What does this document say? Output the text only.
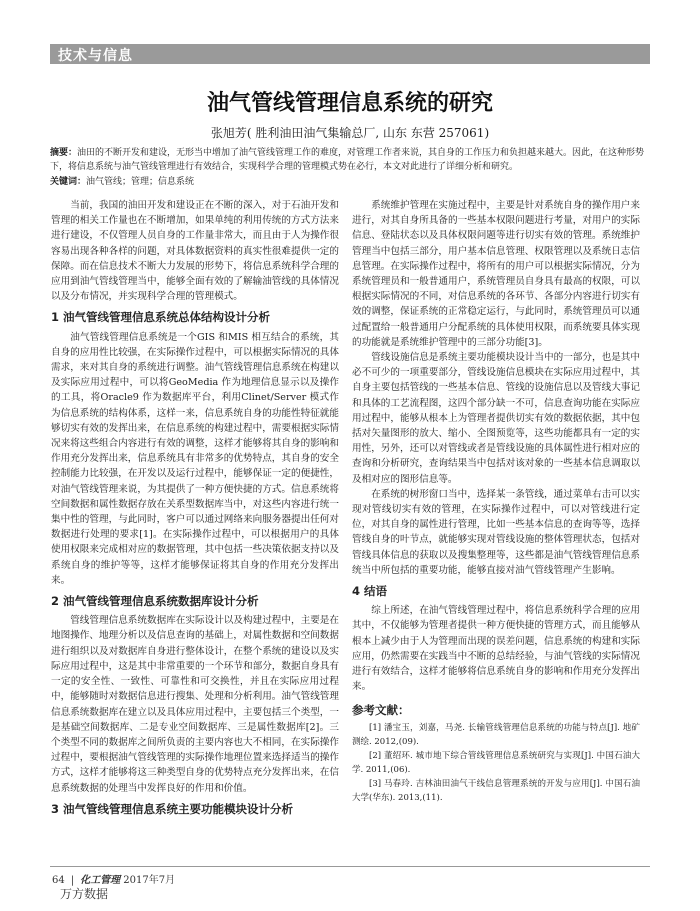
技术与信息
油气管线管理信息系统的研究
张旭芳( 胜利油田油气集输总厂, 山东 东营 257061)
摘要：油田的不断开发和建设，无形当中增加了油气管线管理工作的难度，对管理工作者来说，其自身的工作压力和负担越来越大。因此，在这种形势下，将信息系统与油气管线管理进行有效结合，实现科学合理的管理模式势在必行，本文对此进行了详细分析和研究。
关键词：油气管线；管理；信息系统

当前，我国的油田开发和建设正在不断的深入，对于石油开发和管理的相关工作量也在不断增加，如果单纯的利用传统的方式方法来进行建设，不仅管理人员自身的工作量非常大，而且由于人为操作很容易出现各种各样的问题，对具体数据资料的真实性很难提供一定的保障。而在信息技术不断大力发展的形势下，将信息系统科学合理的应用到油气管线管理当中，能够全面有效的了解输油管线的具体情况以及分布情况，并实现科学合理的管理模式。

1 油气管线管理信息系统总体结构设计分析

油气管线管理信息系统是一个GIS 和MIS 相互结合的系统，其自身的应用性比较强，在实际操作过程中，可以根据实际情况的具体需求，来对其自身的系统进行调整。油气管线管理信息系统在构建以及实际应用过程中，可以将GeoMedia 作为地理信息显示以及操作的工具，将Oracle9 作为数据库平台，利用Clinet/Server 模式作为信息系统的结构体系，这样一来，信息系统自身的功能性特征就能够切实有效的发挥出来，在信息系统的构建过程中，需要根据实际情况来将这些组合内容进行有效的调整，这样才能够将其自身的影响和作用充分发挥出来，信息系统具有非常多的优势特点，其自身的安全控制能力比较强，在开发以及运行过程中，能够保证一定的便捷性，对油气管线管理来说，为其提供了一种方便快捷的方式。信息系统将空间数据和属性数据存放在关系型数据库当中，对这些内容进行统一集中性的管理，与此同时，客户可以通过网络来向服务器提出任何对数据进行处理的要求[1]。在实际操作过程中，可以根据用户的具体使用权限来完成相对应的数据管理，其中包括一些决策依据支持以及系统自身的维护等等，这样才能够保证将其自身的作用充分发挥出来。

2 油气管线管理信息系统数据库设计分析

管线管理信息系统数据库在实际设计以及构建过程中，主要是在地图操作、地理分析以及信息查询的基础上，对属性数据和空间数据进行组织以及对数据库自身进行整体设计，在整个系统的建设以及实际应用过程中，这是其中非常重要的一个环节和部分，数据自身具有一定的安全性、一致性、可靠性和可交换性，并且在实际应用过程中，能够随时对数据信息进行搜集、处理和分析利用。油气管线管理信息系统数据库在建立以及具体应用过程中，主要包括三个类型，一是基础空间数据库、二是专业空间数据库、三是属性数据库[2]。三个类型不同的数据库之间所负责的主要内容也大不相同，在实际操作过程中，要根据油气管线管理的实际操作地理位置来选择适当的操作方式，这样才能够将这三种类型自身的优势特点充分发挥出来，在信息系统数据的处理当中发挥良好的作用和价值。

3 油气管线管理信息系统主要功能模块设计分析

系统维护管理在实施过程中，主要是针对系统自身的操作用户来进行，对其自身所具备的一些基本权限问题进行考量，对用户的实际信息、登陆状态以及具体权限问题等进行切实有效的管理。系统维护管理当中包括三部分，用户基本信息管理、权限管理以及系统日志信息管理。在实际操作过程中，将所有的用户可以根据实际情况，分为系统管理员和一般普通用户，系统管理员自身具有最高的权限，可以根据实际情况的不同，对信息系统的各环节、各部分内容进行切实有效的调整，保证系统的正常稳定运行，与此同时，系统管理员可以通过配置给一般普通用户分配系统的具体使用权限，而系统要具体实现的功能就是系统维护管理中的三部分功能[3]。

管线设施信息是系统主要功能模块设计当中的一部分，也是其中必不可少的一项重要部分，管线设施信息模块在实际应用过程中，其自身主要包括管线的一些基本信息、管线的设施信息以及管线大事记和具体的工艺流程图，这四个部分缺一不可，信息查询功能在实际应用过程中，能够从根本上为管理者提供切实有效的数据依据，其中包括对矢量图形的放大、缩小、全图预览等，这些功能都具有一定的实用性，另外，还可以对管线或者是管线设施的具体属性进行相对应的查询和分析研究，查询结果当中包括对该对象的一些基本信息调取以及相对应的图形信息等。

在系统的树形窗口当中，选择某一条管线，通过菜单右击可以实现对管线切实有效的管理，在实际操作过程中，可以对管线进行定位，对其自身的属性进行管理，比如一些基本信息的查询等等，选择管线自身的叶节点，就能够实现对管线设施的整体管理状态，包括对管线具体信息的获取以及搜集整理等，这些都是油气管线管理信息系统当中所包括的重要功能，能够直接对油气管线管理产生影响。

4 结语

综上所述，在油气管线管理过程中，将信息系统科学合理的应用其中，不仅能够为管理者提供一种方便快捷的管理方式，而且能够从根本上减少由于人为管理而出现的误差问题，信息系统的构建和实际应用，仍然需要在实践当中不断的总结经验，与油气管线的实际情况进行有效结合，这样才能够将信息系统自身的影响和作用充分发挥出来。

参考文献：

[1] 潘宝玉，刘嘉，马尧. 长输管线管理信息系统的功能与特点[J]. 地矿测绘. 2012,(09).

[2] 董绍环. 城市地下综合管线管理信息系统研究与实现[J]. 中国石油大学. 2011,(06).

[3] 马春玲. 吉林油田油气干线信息管理系统的开发与应用[J]. 中国石油大学(华东). 2013,(11).

64 | 化工管理 2017年7月
万方数据
